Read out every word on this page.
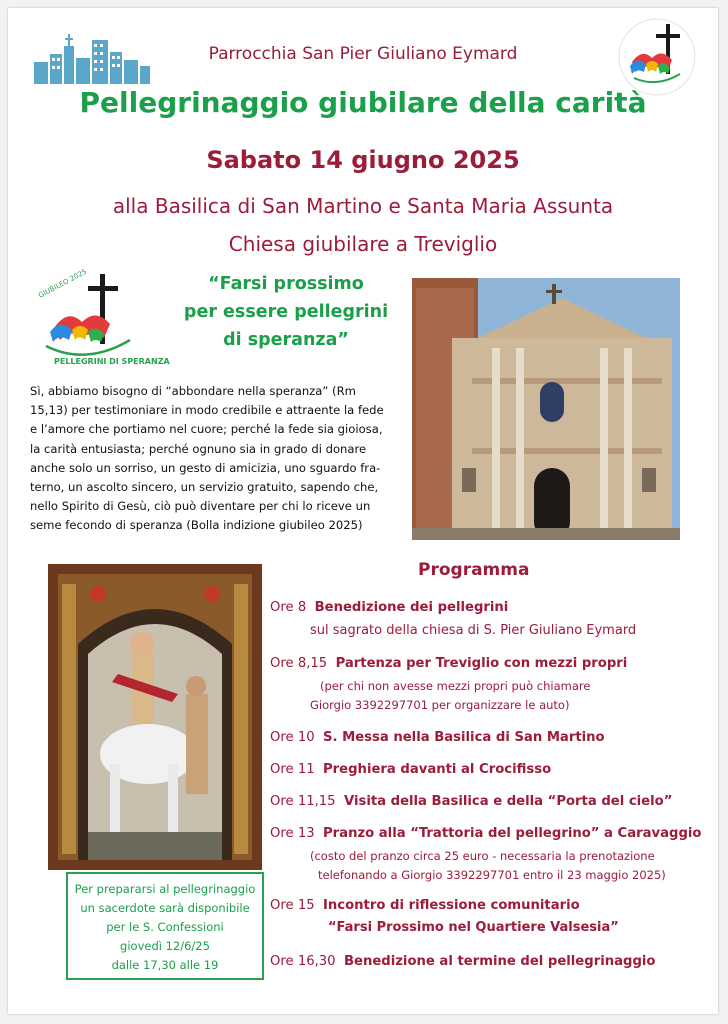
Parrocchia San Pier Giuliano Eymard
Pellegrinaggio giubilare della carità
Sabato 14 giugno 2025
alla Basilica di San Martino e Santa Maria Assunta
Chiesa giubilare a Treviglio
GIUBILEO 2025
PELLEGRINI DI SPERANZA
“Farsi prossimo
per essere pellegrini
di speranza”
Sì, abbiamo bisogno di “abbondare nella speranza” (Rm
15,13) per testimoniare in modo credibile e attraente la fede
e l’amore che portiamo nel cuore; perché la fede sia gioiosa,
la carità entusiasta; perché ognuno sia in grado di donare
anche solo un sorriso, un gesto di amicizia, uno sguardo fra-
terno, un ascolto sincero, un servizio gratuito, sapendo che,
nello Spirito di Gesù, ciò può diventare per chi lo riceve un
seme fecondo di speranza (Bolla indizione giubileo 2025)
Programma
Ore 8 Benedizione dei pellegrini
sul sagrato della chiesa di S. Pier Giuliano Eymard
Ore 8,15 Partenza per Treviglio con mezzi propri
(per chi non avesse mezzi propri può chiamare
Giorgio 3392297701 per organizzare le auto)
Ore 10 S. Messa nella Basilica di San Martino
Ore 11 Preghiera davanti al Crocifisso
Ore 11,15 Visita della Basilica e della “Porta del cielo”
Ore 13 Pranzo alla “Trattoria del pellegrino” a Caravaggio
(costo del pranzo circa 25 euro - necessaria la prenotazione
telefonando a Giorgio 3392297701 entro il 23 maggio 2025)
Ore 15 Incontro di riflessione comunitario
“Farsi Prossimo nel Quartiere Valsesia”
Ore 16,30 Benedizione al termine del pellegrinaggio
Per prepararsi al pellegrinaggio
un sacerdote sarà disponibile
per le S. Confessioni
giovedì 12/6/25
dalle 17,30 alle 19
